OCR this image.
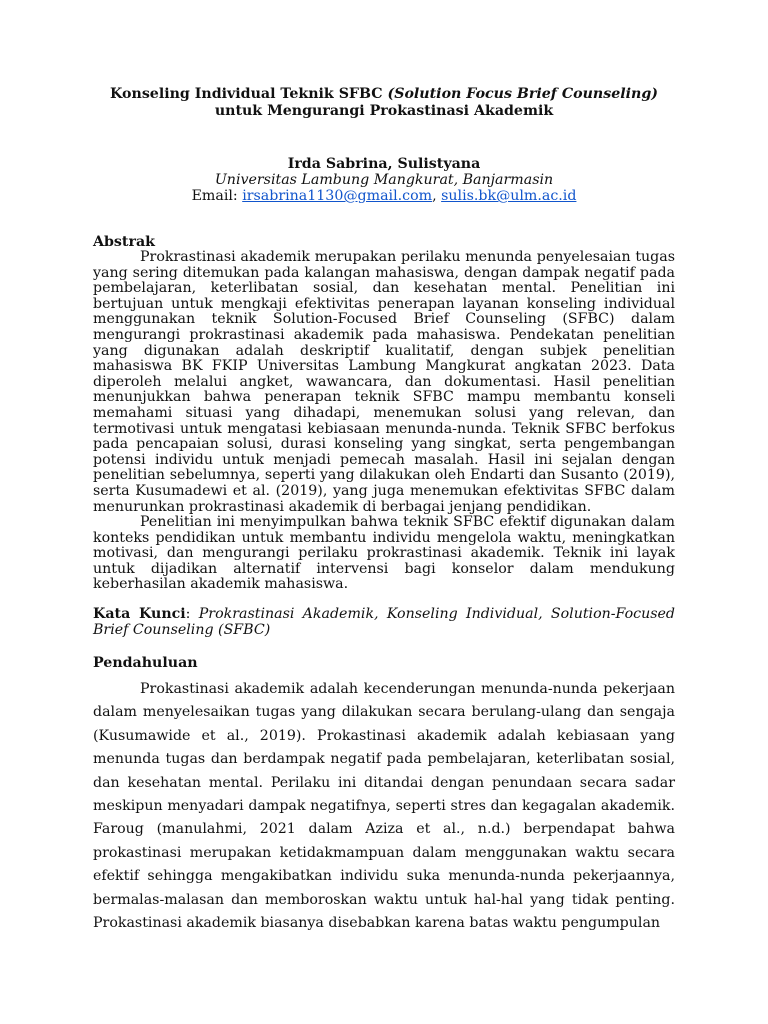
Konseling Individual Teknik SFBC (Solution Focus Brief Counseling)
untuk Mengurangi Prokastinasi Akademik
Irda Sabrina, Sulistyana
Universitas Lambung Mangkurat, Banjarmasin
Email: irsabrina1130@gmail.com, sulis.bk@ulm.ac.id
Abstrak

Prokrastinasi akademik merupakan perilaku menunda penyelesaian tugas yang sering ditemukan pada kalangan mahasiswa, dengan dampak negatif pada pembelajaran, keterlibatan sosial, dan kesehatan mental. Penelitian ini bertujuan untuk mengkaji efektivitas penerapan layanan konseling individual menggunakan teknik Solution-Focused Brief Counseling (SFBC) dalam mengurangi prokrastinasi akademik pada mahasiswa. Pendekatan penelitian yang digunakan adalah deskriptif kualitatif, dengan subjek penelitian mahasiswa BK FKIP Universitas Lambung Mangkurat angkatan 2023. Data diperoleh melalui angket, wawancara, dan dokumentasi. Hasil penelitian menunjukkan bahwa penerapan teknik SFBC mampu membantu konseli memahami situasi yang dihadapi, menemukan solusi yang relevan, dan termotivasi untuk mengatasi kebiasaan menunda-nunda. Teknik SFBC berfokus pada pencapaian solusi, durasi konseling yang singkat, serta pengembangan potensi individu untuk menjadi pemecah masalah. Hasil ini sejalan dengan penelitian sebelumnya, seperti yang dilakukan oleh Endarti dan Susanto (2019), serta Kusumadewi et al. (2019), yang juga menemukan efektivitas SFBC dalam menurunkan prokrastinasi akademik di berbagai jenjang pendidikan.

Penelitian ini menyimpulkan bahwa teknik SFBC efektif digunakan dalam konteks pendidikan untuk membantu individu mengelola waktu, meningkatkan motivasi, dan mengurangi perilaku prokrastinasi akademik. Teknik ini layak untuk dijadikan alternatif intervensi bagi konselor dalam mendukung keberhasilan akademik mahasiswa.

Kata Kunci: Prokrastinasi Akademik, Konseling Individual, Solution-Focused Brief Counseling (SFBC)
Pendahuluan

Prokastinasi akademik adalah kecenderungan menunda-nunda pekerjaan dalam menyelesaikan tugas yang dilakukan secara berulang-ulang dan sengaja (Kusumawide et al., 2019). Prokastinasi akademik adalah kebiasaan yang menunda tugas dan berdampak negatif pada pembelajaran, keterlibatan sosial, dan kesehatan mental. Perilaku ini ditandai dengan penundaan secara sadar meskipun menyadari dampak negatifnya, seperti stres dan kegagalan akademik. Faroug (manulahmi, 2021 dalam Aziza et al., n.d.) berpendapat bahwa prokastinasi merupakan ketidakmampuan dalam menggunakan waktu secara efektif sehingga mengakibatkan individu suka menunda-nunda pekerjaannya, bermalas-malasan dan memboroskan waktu untuk hal-hal yang tidak penting. Prokastinasi akademik biasanya disebabkan karena batas waktu pengumpulan
